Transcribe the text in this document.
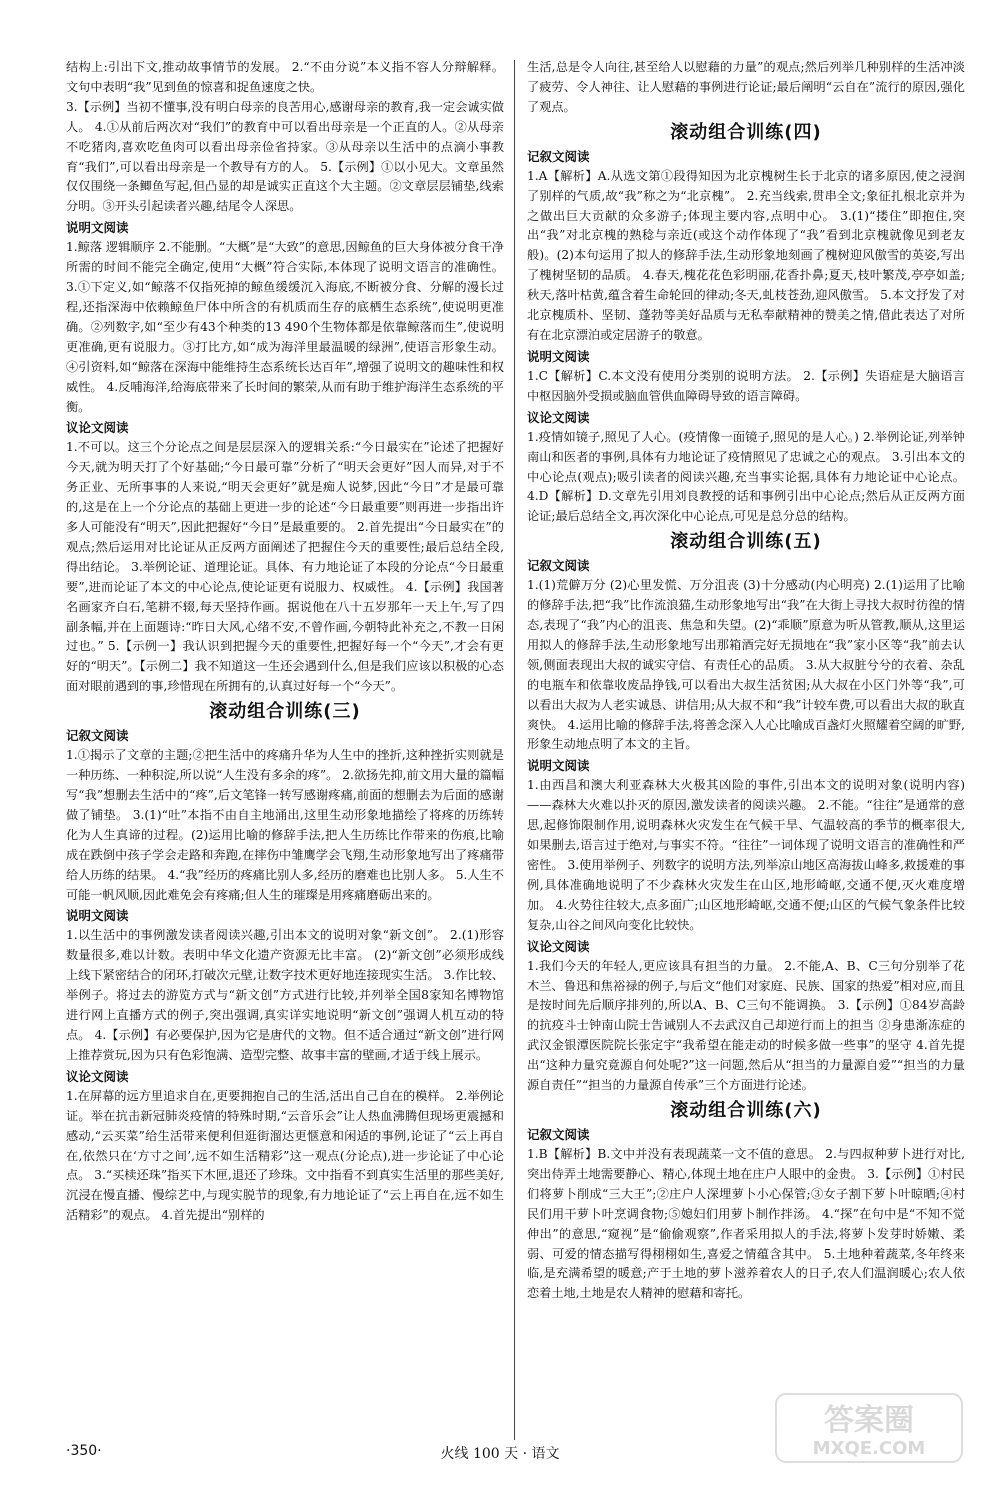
结构上:引出下文,推动故事情节的发展。 2.“不由分说”本义指不容人分辩解释。文句中表明“我”见到鱼的惊喜和捉鱼速度之快。

3.【示例】当初不懂事,没有明白母亲的良苦用心,感谢母亲的教育,我一定会诚实做人。 4.①从前后两次对“我们”的教育中可以看出母亲是一个正直的人。②从母亲不吃猪肉,喜欢吃鱼肉可以看出母亲俭省持家。③从母亲以生活中的点滴小事教育“我们”,可以看出母亲是一个教导有方的人。 5.【示例】①以小见大。文章虽然仅仅围绕一条鲫鱼写起,但凸显的却是诚实正直这个大主题。②文章层层铺垫,线索分明。③开头引起读者兴趣,结尾令人深思。

说明文阅读

1.鲸落 逻辑顺序 2.不能删。“大概”是“大致”的意思,因鲸鱼的巨大身体被分食干净所需的时间不能完全确定,使用“大概”符合实际,本体现了说明文语言的准确性。 3.①下定义,如“鲸落不仅指死掉的鲸鱼缓缓沉入海底,不断被分食、分解的漫长过程,还指深海中依赖鲸鱼尸体中所含的有机质而生存的底栖生态系统”,使说明更准确。②列数字,如“至少有43个种类的13 490个生物体都是依靠鲸落而生”,使说明更准确,更有说服力。③打比方,如“成为海洋里最温暖的绿洲”,使语言形象生动。④引资料,如“鲸落在深海中能维持生态系统长达百年”,增强了说明文的趣味性和权威性。 4.反哺海洋,给海底带来了长时间的繁荣,从而有助于维护海洋生态系统的平衡。

议论文阅读

1.不可以。这三个分论点之间是层层深入的逻辑关系:“今日最实在”论述了把握好今天,就为明天打了个好基础;“今日最可靠”分析了“明天会更好”因人而异,对于不务正业、无所事事的人来说,“明天会更好”就是痴人说梦,因此“今日”才是最可靠的,这是在上一个分论点的基础上更进一步的论述“今日最重要”则再进一步指出许多人可能没有“明天”,因此把握好“今日”是最重要的。 2.首先提出“今日最实在”的观点;然后运用对比论证从正反两方面阐述了把握住今天的重要性;最后总结全段,得出结论。 3.举例论证、道理论证。具体、有力地论证了本段的分论点“今日最重要”,进而论证了本文的中心论点,使论证更有说服力、权威性。 4.【示例】我国著名画家齐白石,笔耕不辍,每天坚持作画。据说他在八十五岁那年一天上午,写了四副条幅,并在上面题诗:“昨日大风,心绪不安,不曾作画,今朝特此补充之,不教一日闲过也。” 5.【示例一】我认识到把握今天的重要性,把握好每一个“今天”,才会有更好的“明天”。【示例二】我不知道这一生还会遇到什么,但是我们应该以积极的心态面对眼前遇到的事,珍惜现在所拥有的,认真过好每一个“今天”。

滚动组合训练(三)
记叙文阅读

1.①揭示了文章的主题;②把生活中的疼痛升华为人生中的挫折,这种挫折实则就是一种历练、一种积淀,所以说“人生没有多余的疼”。 2.欲扬先抑,前文用大量的篇幅写“我”想删去生活中的“疼”,后文笔锋一转写感谢疼痛,前面的想删去为后面的感谢做了铺垫。 3.(1)“吐”本指不由自主地涌出,这里生动形象地描绘了将疼的历练转化为人生真谛的过程。(2)运用比喻的修辞手法,把人生历练比作带来的伤痕,比喻成在跌倒中孩子学会走路和奔跑,在摔伤中雏鹰学会飞翔,生动形象地写出了疼痛带给人历练的结果。 4.“我”经历的疼痛比别人多,经历的磨难也比别人多。 5.人生不可能一帆风顺,因此难免会有疼痛;但人生的璀璨是用疼痛磨砺出来的。

说明文阅读

1.以生活中的事例激发读者阅读兴趣,引出本文的说明对象“新文创”。 2.(1)形容数量很多,难以计数。表明中华文化遗产资源无比丰富。 (2)“新文创”必须形成线上线下紧密结合的闭环,打破次元壁,让数字技术更好地连接现实生活。 3.作比较、举例子。将过去的游览方式与“新文创”方式进行比较,并列举全国8家知名博物馆进行网上直播方式的例子,突出强调,真实详实地说明“新文创”强调人机互动的特点。 4.【示例】有必要保护,因为它是唐代的文物。但不适合通过“新文创”进行网上推荐赏玩,因为只有色彩饱满、造型完整、故事丰富的壁画,才适于线上展示。

议论文阅读

1.在屏幕的远方里追求自在,更要拥抱自己的生活,活出自己自在的模样。 2.举例论证。举在抗击新冠肺炎疫情的特殊时期,“云音乐会”让人热血沸腾但现场更震撼和感动,“云买菜”给生活带来便利但逛街溜达更惬意和闲适的事例,论证了“云上再自在,依然只在‘方寸之间’,远不如生活精彩”这一观点(分论点),进一步论证了中心论点。 3.“买椟还珠”指买下木匣,退还了珍珠。文中指看不到真实生活里的那些美好,沉浸在慢直播、慢综艺中,与现实脱节的现象,有力地论证了“云上再自在,远不如生活精彩”的观点。 4.首先提出“别样的

生活,总是令人向往,甚至给人以慰藉的力量”的观点;然后列举几种别样的生活冲淡了疲劳、令人神往、让人慰藉的事例进行论证;最后阐明“云自在”流行的原因,强化了观点。

滚动组合训练(四)
记叙文阅读

1.A【解析】A.从选文第①段得知因为北京槐树生长于北京的诸多原因,使之浸润了别样的气质,故“我”称之为“北京槐”。 2.充当线索,贯串全文;象征扎根北京并为之做出巨大贡献的众多游子;体现主要内容,点明中心。 3.(1)“搂住”即抱住,突出“我”对北京槐的熟稔与亲近(或这个动作体现了“我”看到北京槐就像见到老友般)。(2)本句运用了拟人的修辞手法,生动形象地刻画了槐树迎风傲雪的英姿,写出了槐树坚韧的品质。 4.春天,槐花花色彩明丽,花香扑鼻;夏天,枝叶繁茂,亭亭如盖;秋天,落叶枯黄,蕴含着生命轮回的律动;冬天,虬枝苍劲,迎风傲雪。 5.本文抒发了对北京槐质朴、坚韧、蓬勃等美好品质与无私奉献精神的赞美之情,借此表达了对所有在北京漂泊或定居游子的敬意。

说明文阅读

1.C【解析】C.本文没有使用分类别的说明方法。 2.【示例】失语症是大脑语言中枢因脑外受损或脑血管供血障碍导致的语言障碍。

议论文阅读

1.疫情如镜子,照见了人心。(疫情像一面镜子,照见的是人心。) 2.举例论证,列举钟南山和医者的事例,具体有力地论证了疫情照见了忠诚之心的观点。 3.引出本文的中心论点(观点);吸引读者的阅读兴趣,充当事实论据,具体有力地论证中心论点。 4.D【解析】D.文章先引用刘良教授的话和事例引出中心论点;然后从正反两方面论证;最后总结全文,再次深化中心论点,可见是总分总的结构。

滚动组合训练(五)
记叙文阅读

1.(1)荒僻万分 (2)心里发慌、万分沮丧 (3)十分感动(内心明亮) 2.(1)运用了比喻的修辞手法,把“我”比作流浪猫,生动形象地写出“我”在大街上寻找大叔时彷徨的情态,表现了“我”内心的沮丧、焦急和失望。(2)“乖顺”原意为听从管教,顺从,这里运用拟人的修辞手法,生动形象地写出那箱酒完好无损地在“我”家小区等“我”前去认领,侧面表现出大叔的诚实守信、有责任心的品质。 3.从大叔脏兮兮的衣着、杂乱的电瓶车和依靠收废品挣钱,可以看出大叔生活贫困;从大叔在小区门外等“我”,可以看出大叔为人老实诚恳、讲信用;从大叔不和“我”计较车费,可以看出大叔的耿直爽快。 4.运用比喻的修辞手法,将善念深入人心比喻成百盏灯火照耀着空阔的旷野,形象生动地点明了本文的主旨。

说明文阅读

1.由西昌和澳大利亚森林大火极其凶险的事件,引出本文的说明对象(说明内容)——森林大火难以扑灭的原因,激发读者的阅读兴趣。 2.不能。“往往”是通常的意思,起修饰限制作用,说明森林火灾发生在气候干旱、气温较高的季节的概率很大,如果删去,语言过于绝对,与事实不符。“往往”一词体现了说明文语言的准确性和严密性。 3.使用举例子、列数字的说明方法,列举凉山地区高海拔山峰多,救援难的事例,具体准确地说明了不少森林火灾发生在山区,地形崎岖,交通不便,灭火难度增加。 4.火势往往较大,点多面广;山区地形崎岖,交通不便;山区的气候气象条件比较复杂,山谷之间风向变化比较快。

议论文阅读

1.我们今天的年轻人,更应该具有担当的力量。 2.不能,A、B、C三句分别举了花木兰、鲁迅和焦裕禄的例子,与后文“他们对家庭、民族、国家的热爱”相对应,而且是按时间先后顺序排列的,所以A、B、C三句不能调换。 3.【示例】①84岁高龄的抗疫斗士钟南山院士告诫别人不去武汉自己却逆行而上的担当 ②身患渐冻症的武汉金银潭医院院长张定宇“我希望在能走动的时候多做一些事”的坚守 4.首先提出“这种力量究竟源自何处呢?”这一问题,然后从“担当的力量源自爱”“担当的力量源自责任”“担当的力量源自传承”三个方面进行论述。

滚动组合训练(六)
记叙文阅读

1.B【解析】B.文中并没有表现蔬菜一文不值的意思。 2.与四叔种萝卜进行对比,突出侍弄土地需要静心、精心,体现土地在庄户人眼中的金贵。 3.【示例】①村民们将萝卜削成“三大王”;②庄户人深埋萝卜小心保管;③女子割下萝卜叶晾晒;④村民们用干萝卜叶烹调食物;⑤媳妇们用萝卜制作拌汤。 4.“探”在句中是“不知不觉伸出”的意思,“窥视”是“偷偷观察”,作者采用拟人的手法,将萝卜发芽时娇嫩、柔弱、可爱的情态描写得栩栩如生,喜爱之情蕴含其中。 5.土地种着蔬菜,冬年终来临,是充满希望的暖意;产于土地的萝卜滋养着农人的日子,农人们温润暖心;农人依恋着土地,土地是农人精神的慰藉和寄托。

·350·	火线 100 天 · 语文
答案圈
MXQE.COM
